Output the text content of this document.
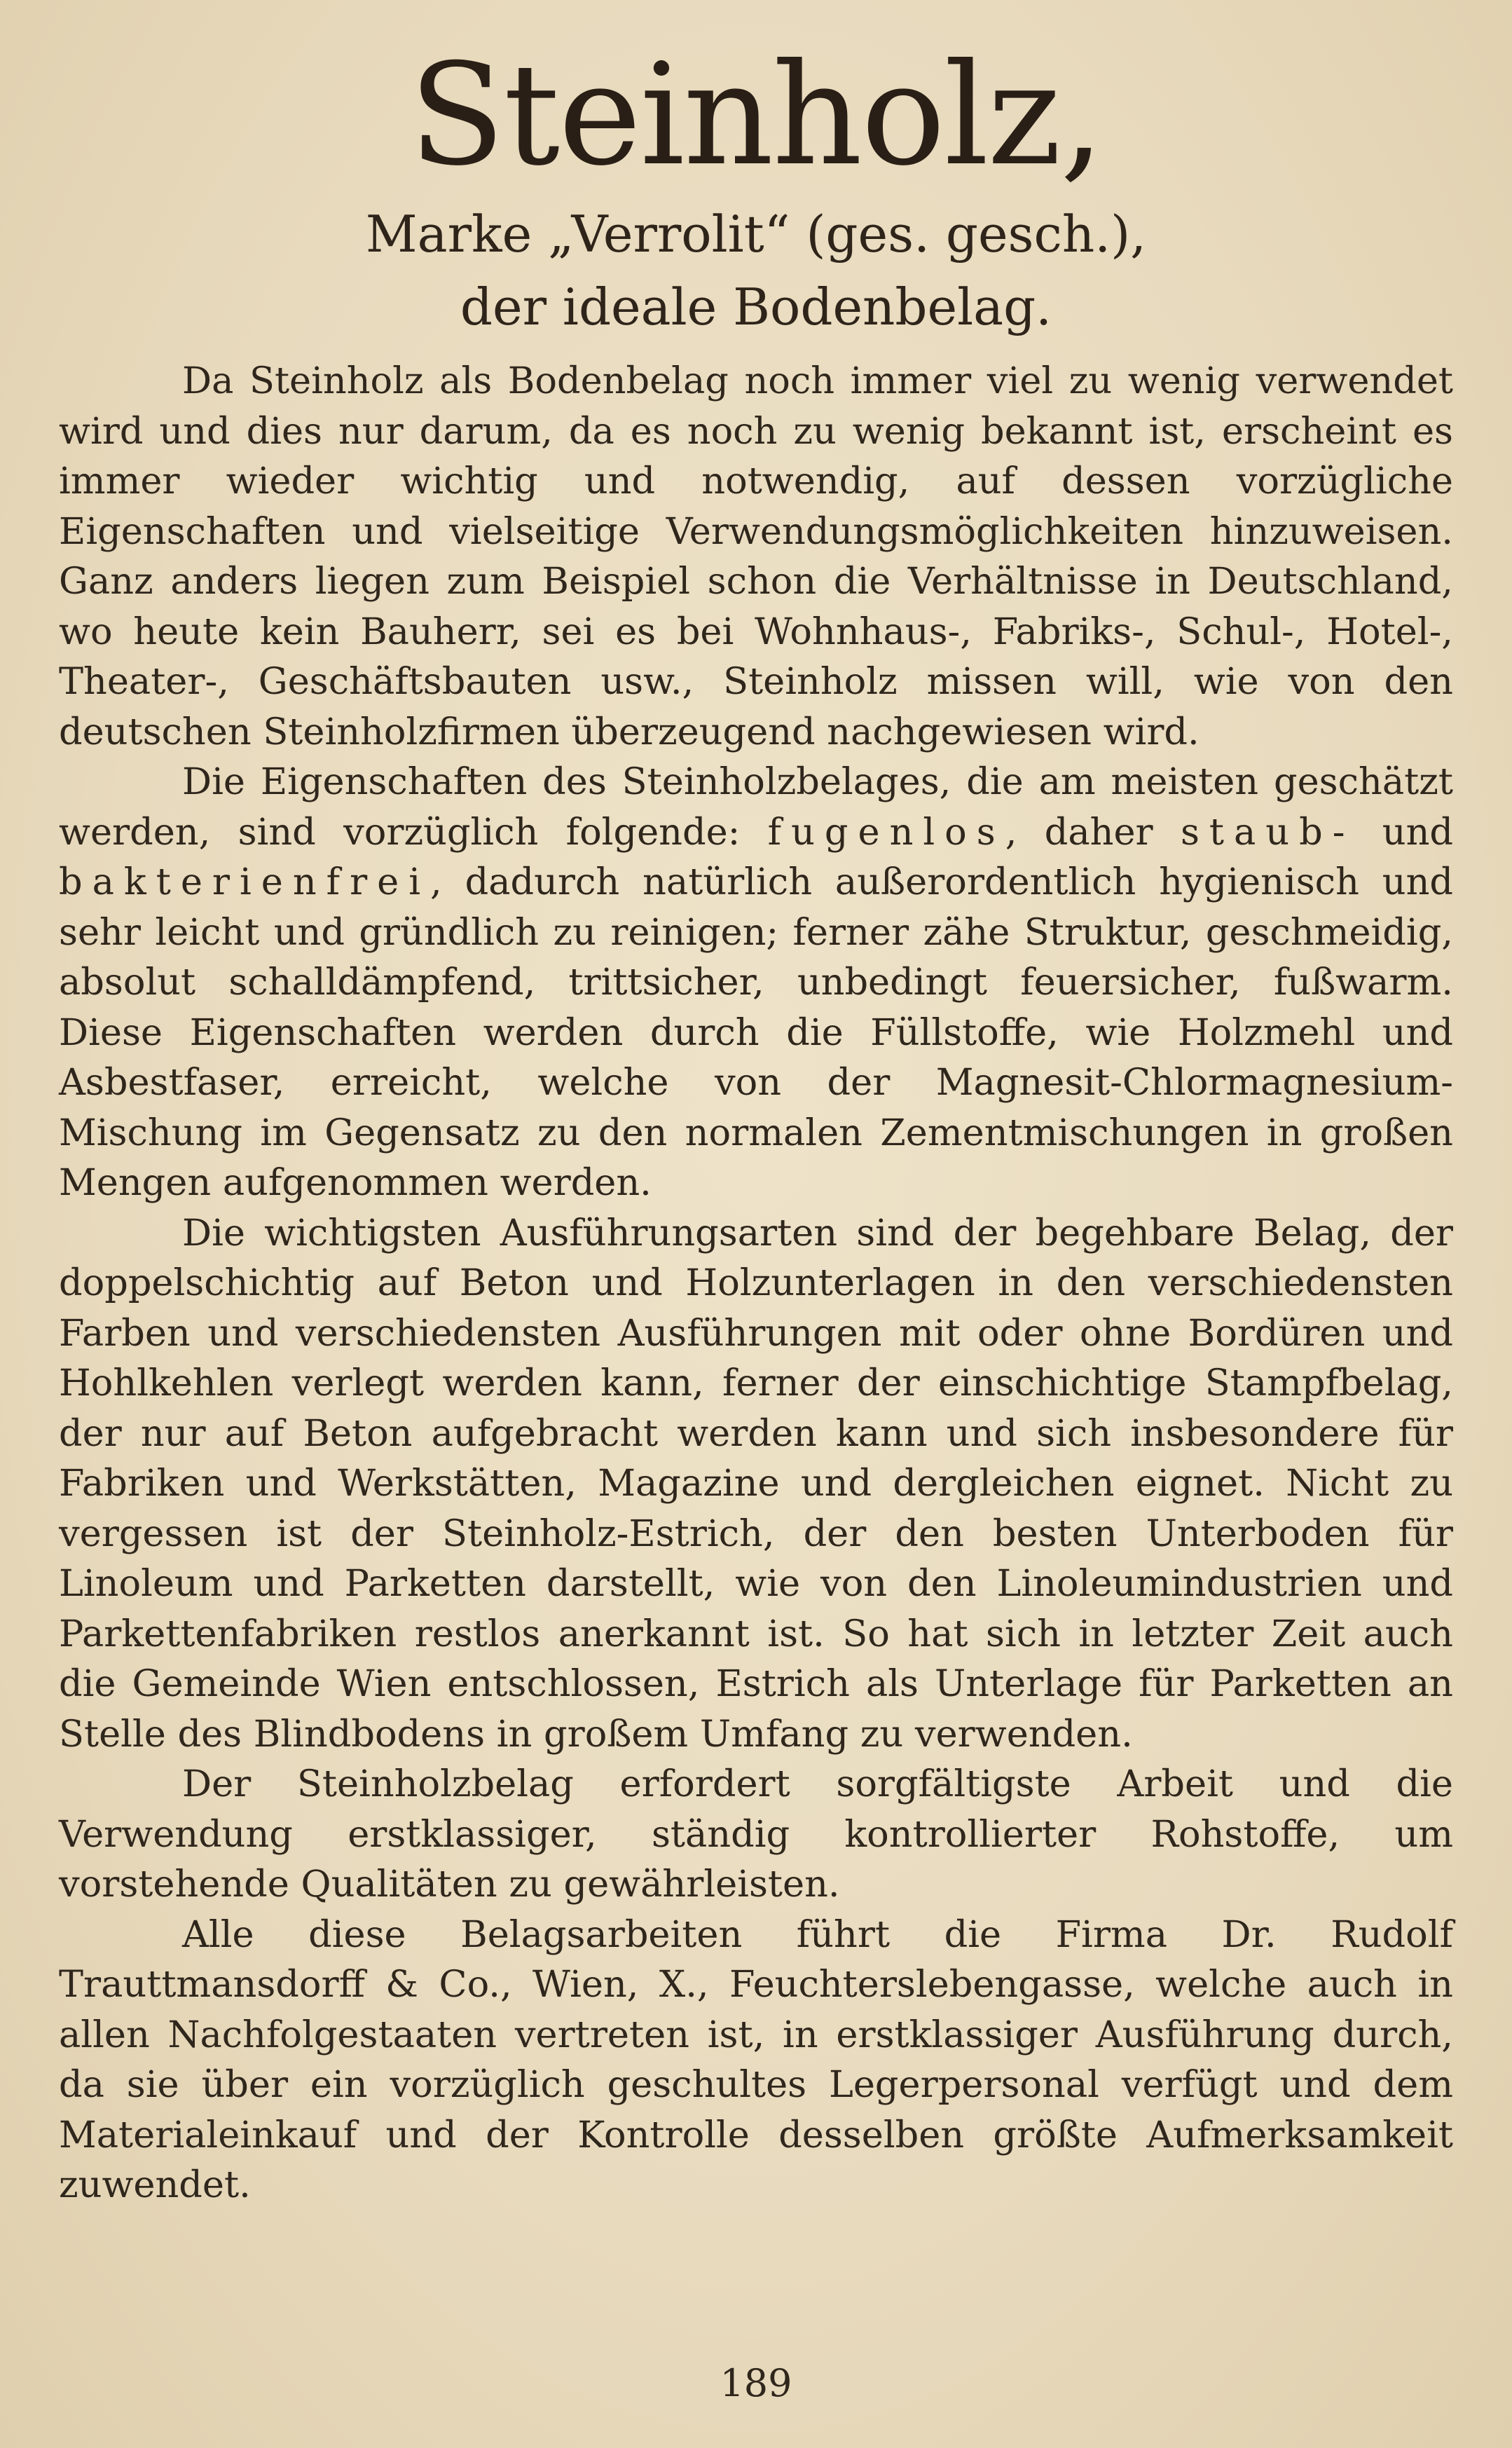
Steinholz,
Marke „Verrolit“ (ges. gesch.),
der ideale Bodenbelag.

Da Steinholz als Bodenbelag noch immer viel zu wenig verwendet wird und dies nur darum, da es noch zu wenig bekannt ist, erscheint es immer wieder wichtig und notwendig, auf dessen vorzügliche Eigenschaften und vielseitige Verwendungsmöglichkeiten hinzuweisen. Ganz anders liegen zum Beispiel schon die Verhältnisse in Deutschland, wo heute kein Bauherr, sei es bei Wohnhaus-, Fabriks-, Schul-, Hotel-, Theater-, Geschäftsbauten usw., Steinholz missen will, wie von den deutschen Steinholzfirmen überzeugend nachgewiesen wird.

Die Eigenschaften des Steinholzbelages, die am meisten geschätzt werden, sind vorzüglich folgende: fugenlos, daher staub- und bakterienfrei, dadurch natürlich außerordentlich hygienisch und sehr leicht und gründlich zu reinigen; ferner zähe Struktur, geschmeidig, absolut schalldämpfend, trittsicher, unbedingt feuersicher, fußwarm. Diese Eigenschaften werden durch die Füllstoffe, wie Holzmehl und Asbestfaser, erreicht, welche von der Magnesit-Chlormagnesium-Mischung im Gegensatz zu den normalen Zementmischungen in großen Mengen aufgenommen werden.

Die wichtigsten Ausführungsarten sind der begehbare Belag, der doppelschichtig auf Beton und Holzunterlagen in den verschiedensten Farben und verschiedensten Ausführungen mit oder ohne Bordüren und Hohlkehlen verlegt werden kann, ferner der einschichtige Stampfbelag, der nur auf Beton aufgebracht werden kann und sich insbesondere für Fabriken und Werkstätten, Magazine und dergleichen eignet. Nicht zu vergessen ist der Steinholz-Estrich, der den besten Unterboden für Linoleum und Parketten darstellt, wie von den Linoleumindustrien und Parkettenfabriken restlos anerkannt ist. So hat sich in letzter Zeit auch die Gemeinde Wien entschlossen, Estrich als Unterlage für Parketten an Stelle des Blindbodens in großem Umfang zu verwenden.

Der Steinholzbelag erfordert sorgfältigste Arbeit und die Verwendung erstklassiger, ständig kontrollierter Rohstoffe, um vorstehende Qualitäten zu gewährleisten.

Alle diese Belagsarbeiten führt die Firma Dr. Rudolf Trauttmansdorff & Co., Wien, X., Feuchterslebengasse, welche auch in allen Nachfolgestaaten vertreten ist, in erstklassiger Ausführung durch, da sie über ein vorzüglich geschultes Legerpersonal verfügt und dem Materialeinkauf und der Kontrolle desselben größte Aufmerksamkeit zuwendet.

189
